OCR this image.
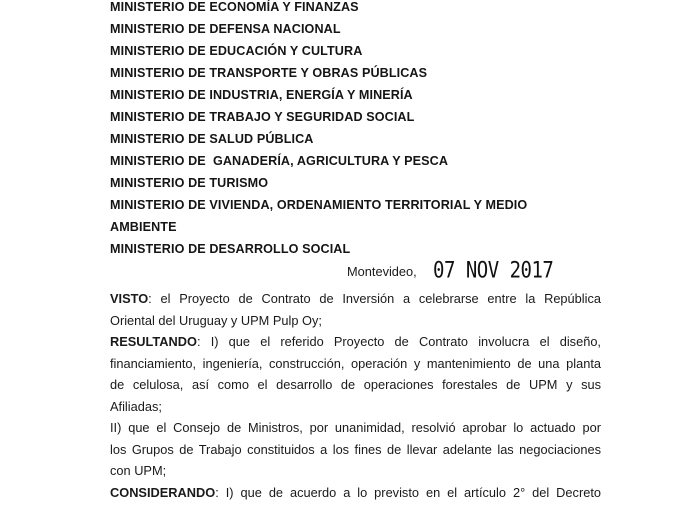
MINISTERIO DE ECONOMÍA Y FINANZAS
MINISTERIO DE DEFENSA NACIONAL
MINISTERIO DE EDUCACIÓN Y CULTURA
MINISTERIO DE TRANSPORTE Y OBRAS PÚBLICAS
MINISTERIO DE INDUSTRIA, ENERGÍA Y MINERÍA
MINISTERIO DE TRABAJO Y SEGURIDAD SOCIAL
MINISTERIO DE SALUD PÚBLICA
MINISTERIO DE  GANADERÍA, AGRICULTURA Y PESCA
MINISTERIO DE TURISMO
MINISTERIO DE VIVIENDA, ORDENAMIENTO TERRITORIAL Y MEDIO
AMBIENTE
MINISTERIO DE DESARROLLO SOCIAL
Montevideo, 07 NOV 2017
VISTO: el Proyecto de Contrato de Inversión a celebrarse entre la República
Oriental del Uruguay y UPM Pulp Oy;
RESULTANDO: I) que el referido Proyecto de Contrato involucra el diseño,
financiamiento, ingeniería, construcción, operación y mantenimiento de una planta
de celulosa, así como el desarrollo de operaciones forestales de UPM y sus
Afiliadas;
II) que el Consejo de Ministros, por unanimidad, resolvió aprobar lo actuado por
los Grupos de Trabajo constituidos a los fines de llevar adelante las negociaciones
con UPM;
CONSIDERANDO: I) que de acuerdo a lo previsto en el artículo 2° del Decreto
